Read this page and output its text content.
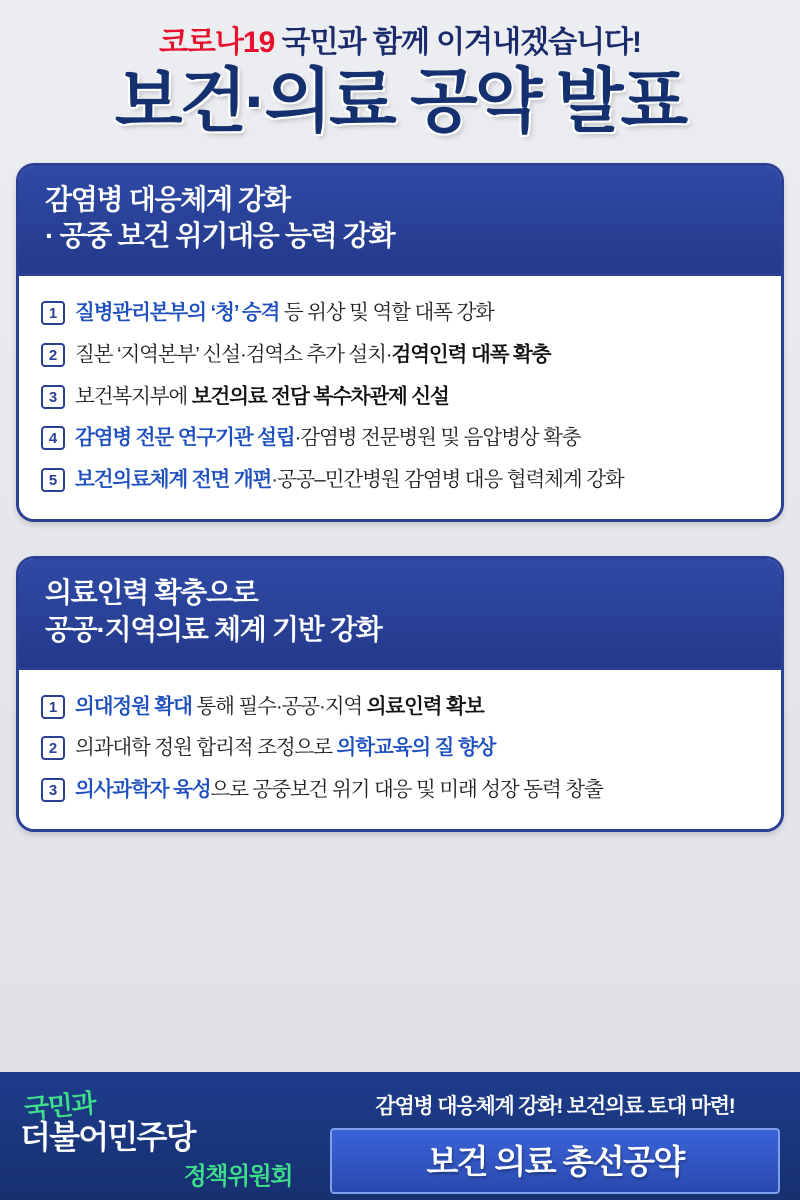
코로나19 국민과 함께 이겨내겠습니다!
보건·의료 공약 발표
감염병 대응체계 강화
· 공중 보건 위기대응 능력 강화
1 질병관리본부의 ‘청’ 승격 등 위상 및 역할 대폭 강화
2 질본 ‘지역본부’ 신설·검역소 추가 설치·검역인력 대폭 확충
3 보건복지부에 보건의료 전담 복수차관제 신설
4 감염병 전문 연구기관 설립·감염병 전문병원 및 음압병상 확충
5 보건의료체계 전면 개편·공공–민간병원 감염병 대응 협력체계 강화
의료인력 확충으로
공공·지역의료 체계 기반 강화
1 의대정원 확대 통해 필수·공공·지역 의료인력 확보
2 의과대학 정원 합리적 조정으로 의학교육의 질 향상
3 의사과학자 육성으로 공중보건 위기 대응 및 미래 성장 동력 창출
국민과
더불어민주당
정책위원회
감염병 대응체계 강화! 보건의료 토대 마련!
보건 의료 총선공약
